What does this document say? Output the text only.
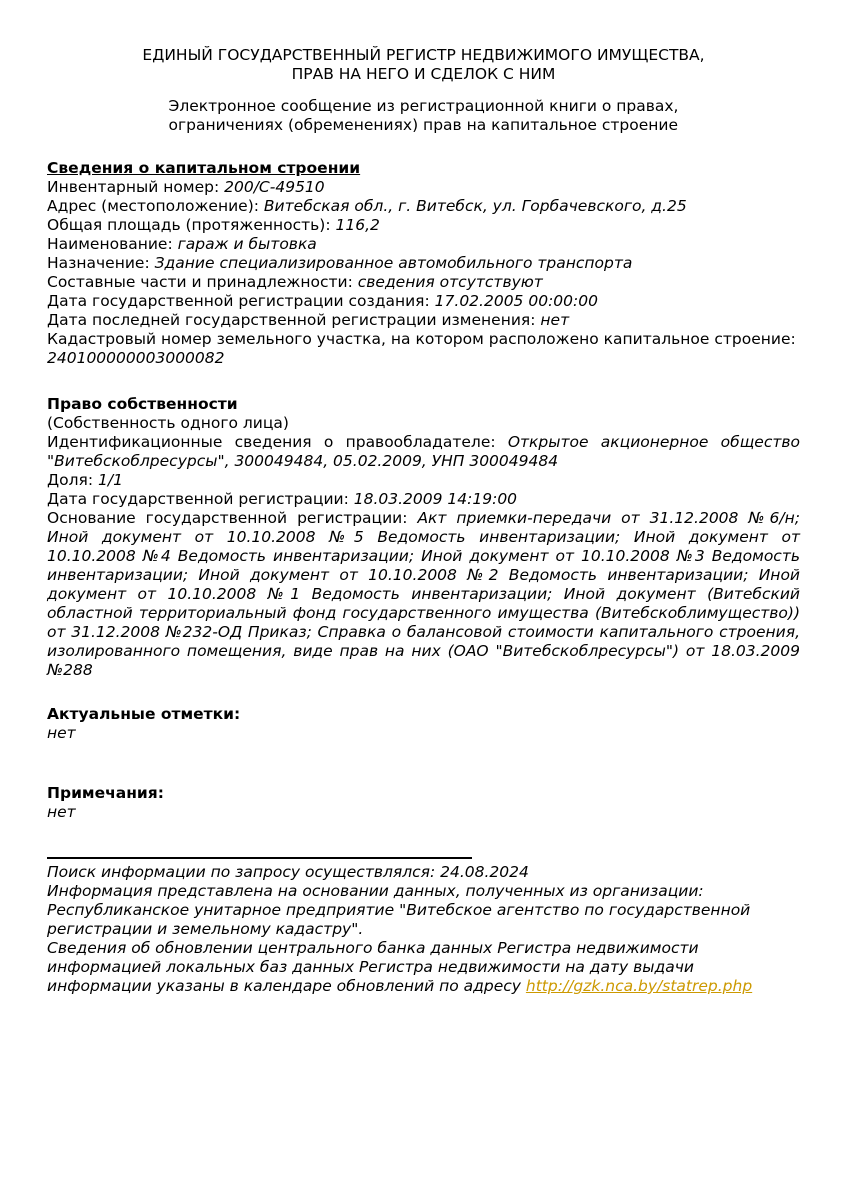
ЕДИНЫЙ ГОСУДАРСТВЕННЫЙ РЕГИСТР НЕДВИЖИМОГО ИМУЩЕСТВА,
ПРАВ НА НЕГО И СДЕЛОК С НИМ
Электронное сообщение из регистрационной книги о правах,
ограничениях (обременениях) прав на капитальное строение

Сведения о капитальном строении

Инвентарный номер: 200/С-49510

Адрес (местоположение): Витебская обл., г. Витебск, ул. Горбачевского, д.25

Общая площадь (протяженность): 116,2

Наименование: гараж и бытовка

Назначение: Здание специализированное автомобильного транспорта

Составные части и принадлежности: сведения отсутствуют

Дата государственной регистрации создания: 17.02.2005 00:00:00

Дата последней государственной регистрации изменения: нет

Кадастровый номер земельного участка, на котором расположено капитальное строение: 240100000003000082

Право собственности

(Собственность одного лица)

Идентификационные сведения о правообладателе: Открытое акционерное общество "Витебскоблресурсы", 300049484, 05.02.2009, УНП 300049484

Доля: 1/1

Дата государственной регистрации: 18.03.2009 14:19:00

Основание государственной регистрации: Акт приемки-передачи от 31.12.2008 №6/н; Иной документ от 10.10.2008 №5 Ведомость инвентаризации; Иной документ от 10.10.2008 №4 Ведомость инвентаризации; Иной документ от 10.10.2008 №3 Ведомость инвентаризации; Иной документ от 10.10.2008 №2 Ведомость инвентаризации; Иной документ от 10.10.2008 №1 Ведомость инвентаризации; Иной документ (Витебский областной территориальный фонд государственного имущества (Витебскоблимущество)) от 31.12.2008 №232-ОД Приказ; Справка о балансовой стоимости капитального строения, изолированного помещения, виде прав на них (ОАО "Витебскоблресурсы") от 18.03.2009 №288

Актуальные отметки:

нет

Примечания:

нет

Поиск информации по запросу осуществлялся: 24.08.2024

Информация представлена на основании данных, полученных из организации:

Республиканское унитарное предприятие "Витебское агентство по государственной регистрации и земельному кадастру".

Сведения об обновлении центрального банка данных Регистра недвижимости информацией локальных баз данных Регистра недвижимости на дату выдачи информации указаны в календаре обновлений по адресу http://gzk.nca.by/statrep.php
